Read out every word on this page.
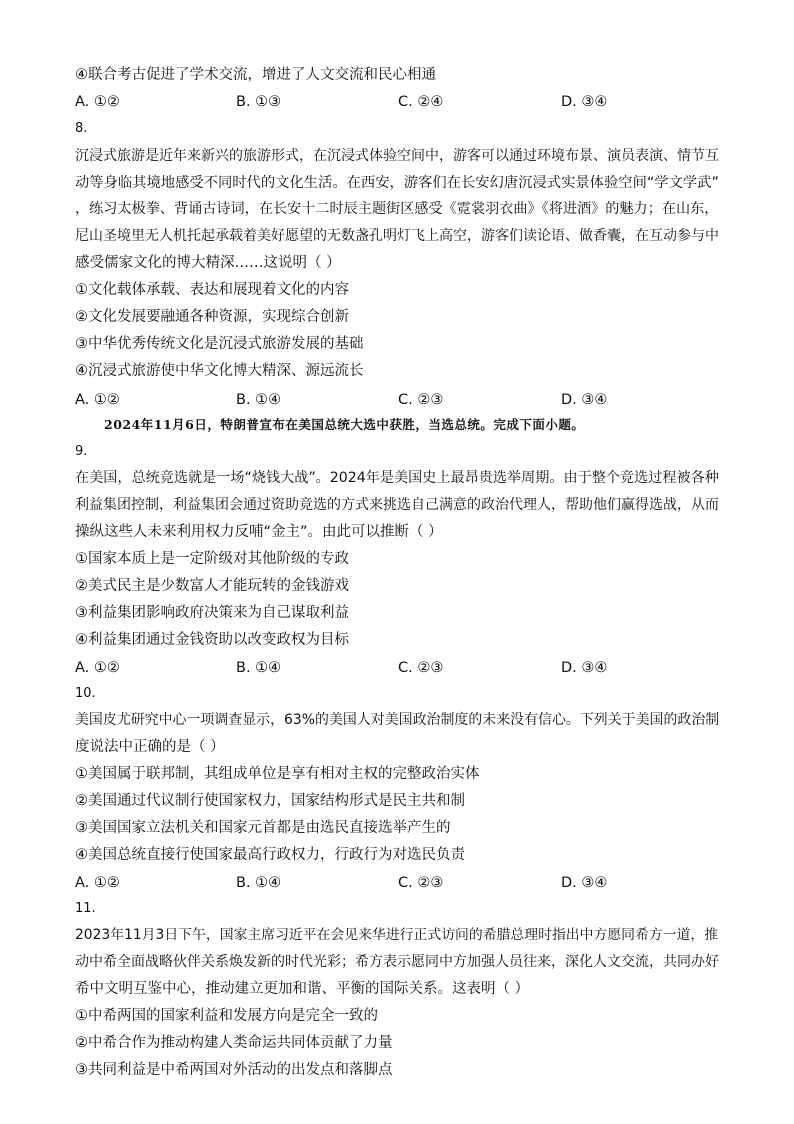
④联合考古促进了学术交流，增进了人文交流和民心相通
A. ①②	B. ①③	C. ②④	D. ③④
8.
沉浸式旅游是近年来新兴的旅游形式，在沉浸式体验空间中，游客可以通过环境布景、演员表演、情节互
动等身临其境地感受不同时代的文化生活。在西安，游客们在长安幻唐沉浸式实景体验空间“学文学武”
，练习太极拳、背诵古诗词，在长安十二时辰主题街区感受《霓裳羽衣曲》《将进酒》的魅力；在山东，
尼山圣境里无人机托起承载着美好愿望的无数盏孔明灯飞上高空，游客们读论语、做香囊，在互动参与中
感受儒家文化的博大精深……这说明（ ）
①文化载体承载、表达和展现着文化的内容
②文化发展要融通各种资源，实现综合创新
③中华优秀传统文化是沉浸式旅游发展的基础
④沉浸式旅游使中华文化博大精深、源远流长
A. ①②	B. ①④	C. ②③	D. ③④
2024年11月6日，特朗普宣布在美国总统大选中获胜，当选总统。完成下面小题。
9.
在美国，总统竞选就是一场“烧钱大战”。2024年是美国史上最昂贵选举周期。由于整个竞选过程被各种
利益集团控制，利益集团会通过资助竞选的方式来挑选自己满意的政治代理人，帮助他们赢得选战，从而
操纵这些人未来利用权力反哺“金主”。由此可以推断（ ）
①国家本质上是一定阶级对其他阶级的专政
②美式民主是少数富人才能玩转的金钱游戏
③利益集团影响政府决策来为自己谋取利益
④利益集团通过金钱资助以改变政权为目标
A. ①②	B. ①④	C. ②③	D. ③④
10.
美国皮尤研究中心一项调查显示，63%的美国人对美国政治制度的未来没有信心。下列关于美国的政治制
度说法中正确的是（ ）
①美国属于联邦制，其组成单位是享有相对主权的完整政治实体
②美国通过代议制行使国家权力，国家结构形式是民主共和制
③美国国家立法机关和国家元首都是由选民直接选举产生的
④美国总统直接行使国家最高行政权力，行政行为对选民负责
A. ①②	B. ①④	C. ②③	D. ③④
11.
2023年11月3日下午，国家主席习近平在会见来华进行正式访问的希腊总理时指出中方愿同希方一道，推
动中希全面战略伙伴关系焕发新的时代光彩；希方表示愿同中方加强人员往来，深化人文交流，共同办好
希中文明互鉴中心，推动建立更加和谐、平衡的国际关系。这表明（ ）
①中希两国的国家利益和发展方向是完全一致的
②中希合作为推动构建人类命运共同体贡献了力量
③共同利益是中希两国对外活动的出发点和落脚点
